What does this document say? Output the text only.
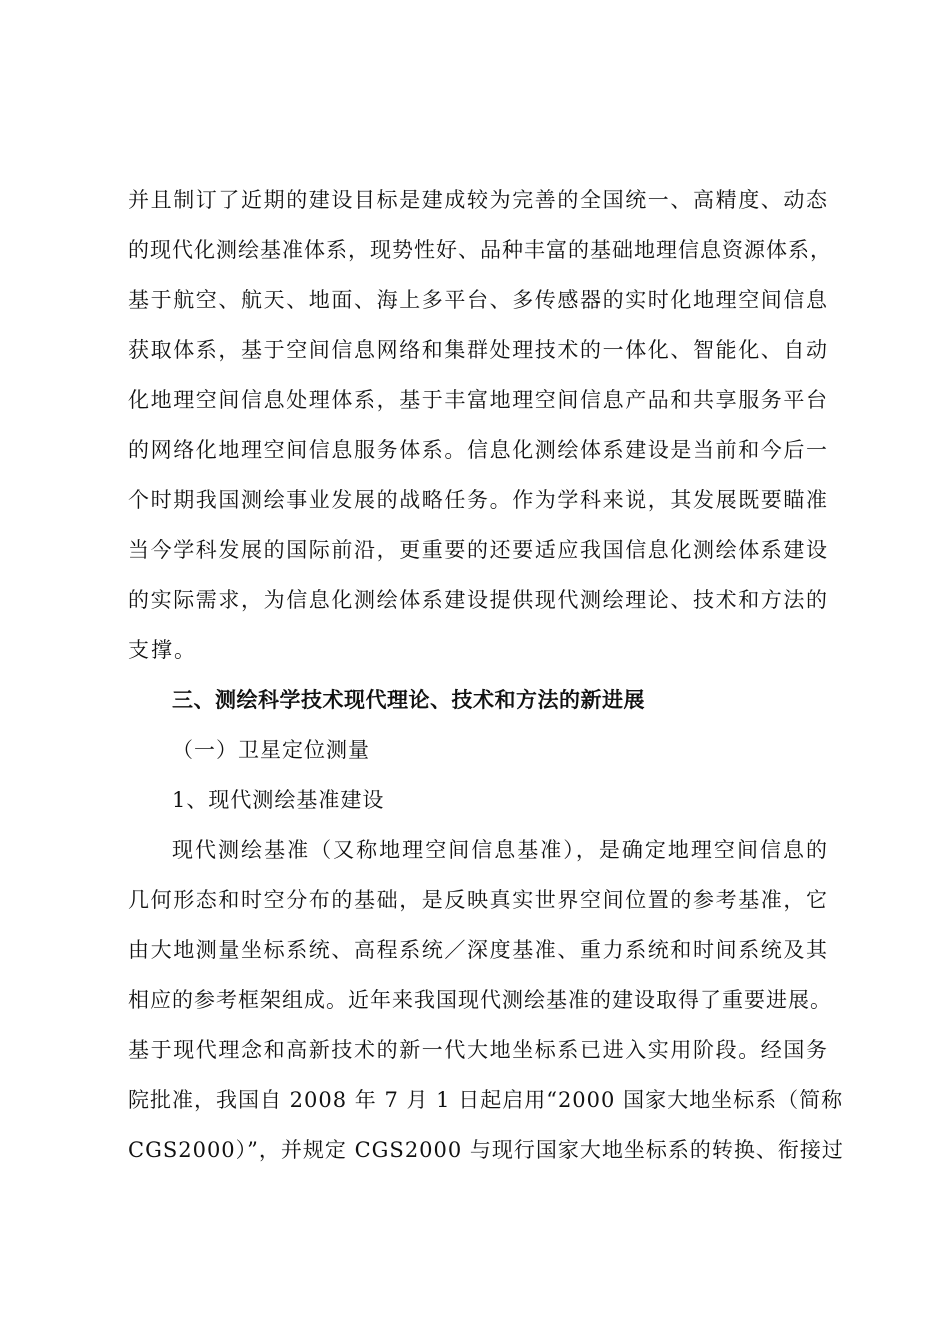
并且制订了近期的建设目标是建成较为完善的全国统一、高精度、动态
的现代化测绘基准体系，现势性好、品种丰富的基础地理信息资源体系，
基于航空、航天、地面、海上多平台、多传感器的实时化地理空间信息
获取体系，基于空间信息网络和集群处理技术的一体化、智能化、自动
化地理空间信息处理体系，基于丰富地理空间信息产品和共享服务平台
的网络化地理空间信息服务体系。信息化测绘体系建设是当前和今后一
个时期我国测绘事业发展的战略任务。作为学科来说，其发展既要瞄准
当今学科发展的国际前沿，更重要的还要适应我国信息化测绘体系建设
的实际需求，为信息化测绘体系建设提供现代测绘理论、技术和方法的
支撑。
三、测绘科学技术现代理论、技术和方法的新进展
（一）卫星定位测量
1、现代测绘基准建设
现代测绘基准（又称地理空间信息基准），是确定地理空间信息的
几何形态和时空分布的基础，是反映真实世界空间位置的参考基准，它
由大地测量坐标系统、高程系统／深度基准、重力系统和时间系统及其
相应的参考框架组成。近年来我国现代测绘基准的建设取得了重要进展。
基于现代理念和高新技术的新一代大地坐标系已进入实用阶段。经国务
院批准，我国自 2008 年 7 月 1 日起启用“2000 国家大地坐标系（简称
CGS2000）”，并规定 CGS2000 与现行国家大地坐标系的转换、衔接过
